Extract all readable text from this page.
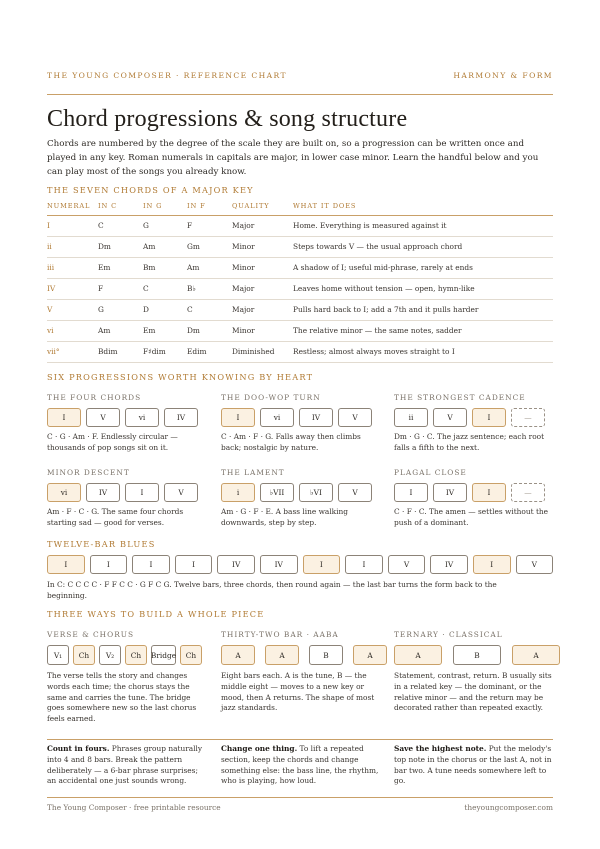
THE YOUNG COMPOSER · REFERENCE CHART	HARMONY & FORM
Chord progressions & song structure

Chords are numbered by the degree of the scale they are built on, so a progression can be written once and played in any key. Roman numerals in capitals are major, in lower case minor. Learn the handful below and you can play most of the songs you already know.

THE SEVEN CHORDS OF A MAJOR KEY
NUMERAL	IN C	IN G	IN F	QUALITY	WHAT IT DOES
I	C	G	F	Major	Home. Everything is measured against it
ii	Dm	Am	Gm	Minor	Steps towards V — the usual approach chord
iii	Em	Bm	Am	Minor	A shadow of I; useful mid-phrase, rarely at ends
IV	F	C	B♭	Major	Leaves home without tension — open, hymn-like
V	G	D	C	Major	Pulls hard back to I; add a 7th and it pulls harder
vi	Am	Em	Dm	Minor	The relative minor — the same notes, sadder
vii°	Bdim	F♯dim	Edim	Diminished	Restless; almost always moves straight to I
SIX PROGRESSIONS WORTH KNOWING BY HEART
THE FOUR CHORDS
I	V	vi	IV
C · G · Am · F. Endlessly circular — thousands of pop songs sit on it.
THE DOO-WOP TURN
I	vi	IV	V
C · Am · F · G. Falls away then climbs back; nostalgic by nature.
THE STRONGEST CADENCE
ii	V	I	—
Dm · G · C. The jazz sentence; each root falls a fifth to the next.
MINOR DESCENT
vi	IV	I	V
Am · F · C · G. The same four chords starting sad — good for verses.
THE LAMENT
i	♭VII	♭VI	V
Am · G · F · E. A bass line walking downwards, step by step.
PLAGAL CLOSE
I	IV	I	—
C · F · C. The amen — settles without the push of a dominant.
TWELVE-BAR BLUES
I	I	I	I	IV	IV	I	I	V	IV	I	V
In C: C C C C · F F C C · G F C G. Twelve bars, three chords, then round again — the last bar turns the form back to the beginning.
THREE WAYS TO BUILD A WHOLE PIECE
VERSE & CHORUS
V₁	Ch	V₂	Ch	Bridge	Ch
The verse tells the story and changes words each time; the chorus stays the same and carries the tune. The bridge goes somewhere new so the last chorus feels earned.
THIRTY-TWO BAR · AABA
A	A	B	A
Eight bars each. A is the tune, B — the middle eight — moves to a new key or mood, then A returns. The shape of most jazz standards.
TERNARY · CLASSICAL
A	B	A
Statement, contrast, return. B usually sits in a related key — the dominant, or the relative minor — and the return may be decorated rather than repeated exactly.
Count in fours. Phrases group naturally into 4 and 8 bars. Break the pattern deliberately — a 6-bar phrase surprises; an accidental one just sounds wrong.
Change one thing. To lift a repeated section, keep the chords and change something else: the bass line, the rhythm, who is playing, how loud.
Save the highest note. Put the melody's top note in the chorus or the last A, not in bar two. A tune needs somewhere left to go.
The Young Composer · free printable resource	theyoungcomposer.com
